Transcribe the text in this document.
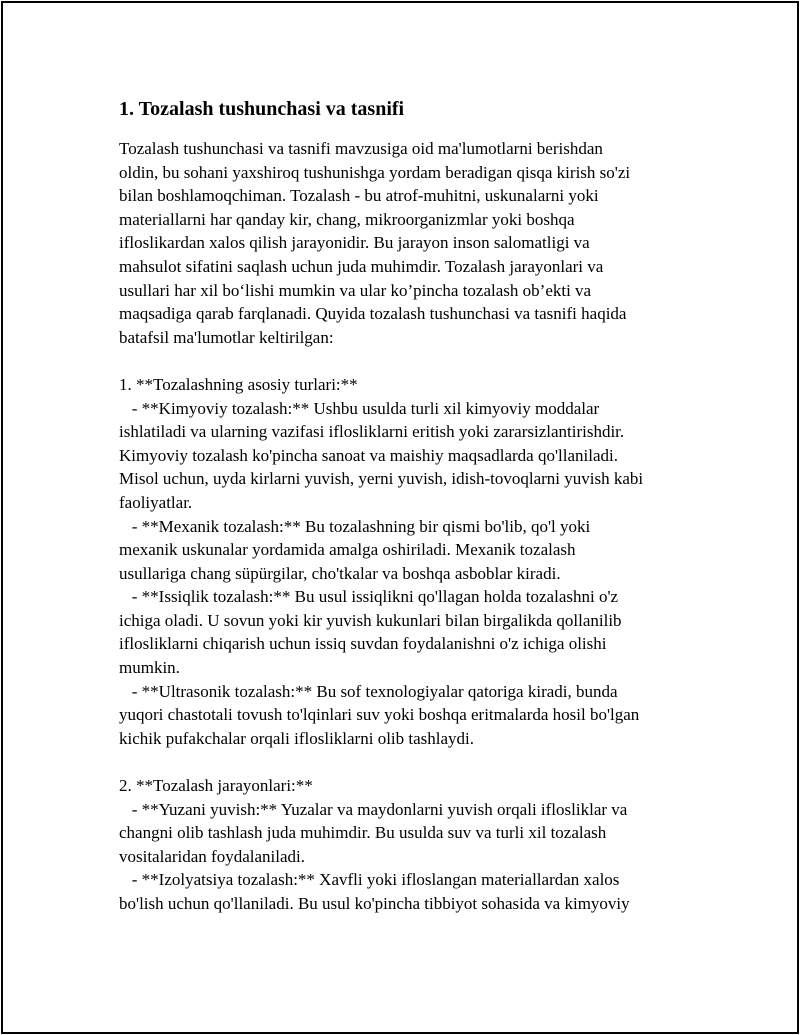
1. Tozalash tushunchasi va tasnifi
Tozalash tushunchasi va tasnifi mavzusiga oid ma'lumotlarni berishdan
oldin, bu sohani yaxshiroq tushunishga yordam beradigan qisqa kirish so'zi
bilan boshlamoqchiman. Tozalash - bu atrof-muhitni, uskunalarni yoki
materiallarni har qanday kir, chang, mikroorganizmlar yoki boshqa
ifloslikardan xalos qilish jarayonidir. Bu jarayon inson salomatligi va
mahsulot sifatini saqlash uchun juda muhimdir. Tozalash jarayonlari va
usullari har xil bo‘lishi mumkin va ular ko’pincha tozalash ob’ekti va
maqsadiga qarab farqlanadi. Quyida tozalash tushunchasi va tasnifi haqida
batafsil ma'lumotlar keltirilgan:
1. **Tozalashning asosiy turlari:**
- **Kimyoviy tozalash:** Ushbu usulda turli xil kimyoviy moddalar
ishlatiladi va ularning vazifasi iflosliklarni eritish yoki zararsizlantirishdir.
Kimyoviy tozalash ko'pincha sanoat va maishiy maqsadlarda qo'llaniladi.
Misol uchun, uyda kirlarni yuvish, yerni yuvish, idish-tovoqlarni yuvish kabi
faoliyatlar.
- **Mexanik tozalash:** Bu tozalashning bir qismi bo'lib, qo'l yoki
mexanik uskunalar yordamida amalga oshiriladi. Mexanik tozalash
usullariga chang süpürgilar, cho'tkalar va boshqa asboblar kiradi.
- **Issiqlik tozalash:** Bu usul issiqlikni qo'llagan holda tozalashni o'z
ichiga oladi. U sovun yoki kir yuvish kukunlari bilan birgalikda qollanilib
iflosliklarni chiqarish uchun issiq suvdan foydalanishni o'z ichiga olishi
mumkin.
- **Ultrasonik tozalash:** Bu sof texnologiyalar qatoriga kiradi, bunda
yuqori chastotali tovush to'lqinlari suv yoki boshqa eritmalarda hosil bo'lgan
kichik pufakchalar orqali iflosliklarni olib tashlaydi.
2. **Tozalash jarayonlari:**
- **Yuzani yuvish:** Yuzalar va maydonlarni yuvish orqali iflosliklar va
changni olib tashlash juda muhimdir. Bu usulda suv va turli xil tozalash
vositalaridan foydalaniladi.
- **Izolyatsiya tozalash:** Xavfli yoki ifloslangan materiallardan xalos
bo'lish uchun qo'llaniladi. Bu usul ko'pincha tibbiyot sohasida va kimyoviy
